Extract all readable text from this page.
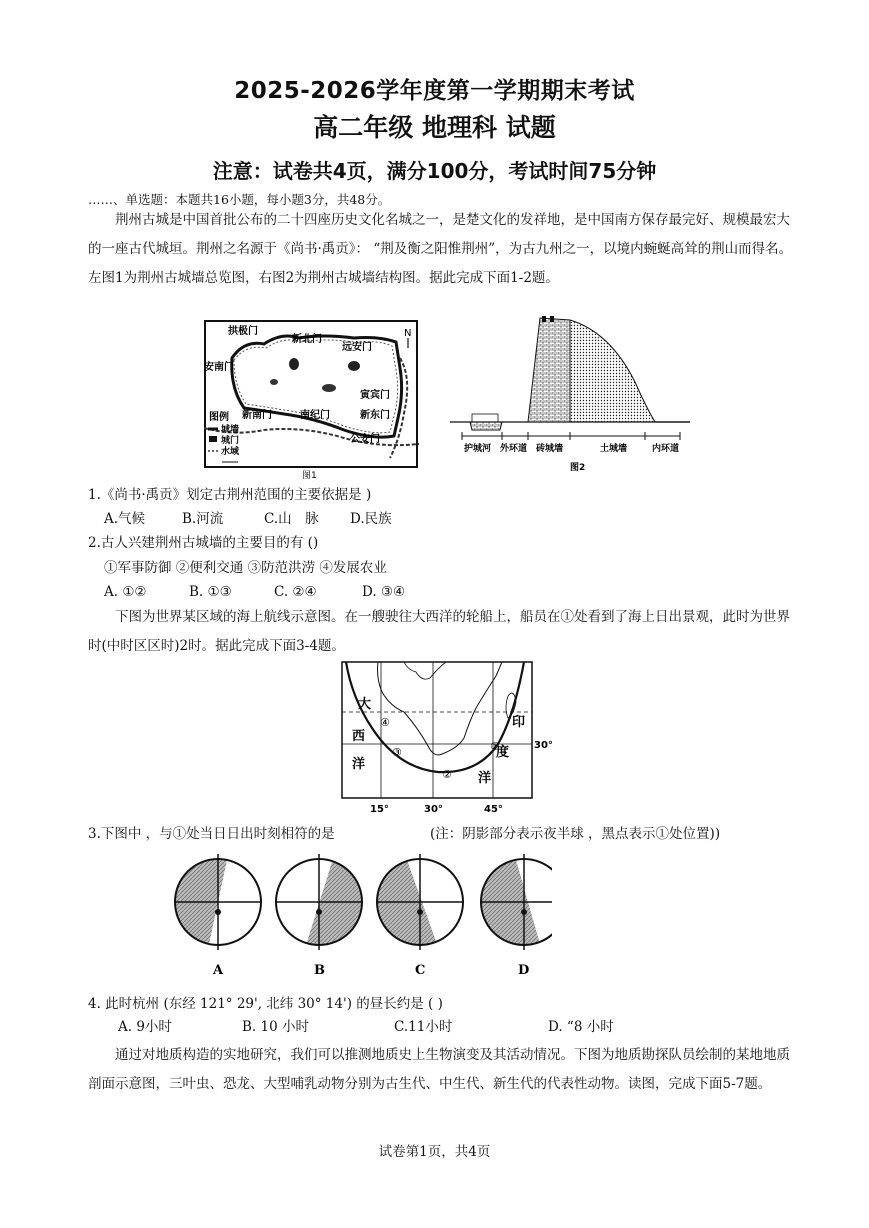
2025-2026学年度第一学期期末考试
高二年级 地理科 试题
注意：试卷共4页，满分100分，考试时间75分钟
……、单选题：本题共16小题，每小题3分，共48分。
荆州古城是中国首批公布的二十四座历史文化名城之一，是楚文化的发祥地，是中国南方保存最完好、规模最宏大的一座古代城垣。荆州之名源于《尚书·禹贡》： “荆及衡之阳惟荆州”，为古九州之一，以境内蜿蜒高耸的荆山而得名。左图1为荆州古城墙总览图，右图2为荆州古城墙结构图。据此完成下面1-2题。
N
拱极门
新北门
远安门
安南门
新南门	南纪门
寅宾门
新东门
公安门
图例
城墙
城门
水域
图1
护城河 外环道 砖城墙	土城墙	内环道
图2
1.《尚书·禹贡》划定古荆州范围的主要依据是 )
A.气候	B.河流	C.山　脉 D.民族
2.古人兴建荆州古城墙的主要目的有 ()
①军事防御 ②便利交通 ③防范洪涝 ④发展农业
A. ①②	B. ①③	C. ②④	D. ③④
下图为世界某区域的海上航线示意图。在一艘驶往大西洋的轮船上，船员在①处看到了海上日出景观，此时为世界时(中时区区时)2时。据此完成下面3-4题。
大
西
洋
印
度
洋
①
②
③
④
30°
15°	30°	45°
3.下图中 ，与①处当日日出时刻相符的是	(注：阴影部分表示夜半球 ，黑点表示①处位置))
A	B	C	D
4. 此时杭州 (东经 121° 29', 北纬 30° 14') 的昼长约是 ( )
A. 9小时	B. 10 小时	C.11小时	D. “8 小时
通过对地质构造的实地研究，我们可以推测地质史上生物演变及其活动情况。下图为地质勘探队员绘制的某地地质剖面示意图，三叶虫、恐龙、大型哺乳动物分别为古生代、中生代、新生代的代表性动物。读图，完成下面5-7题。
试卷第1页，共4页
